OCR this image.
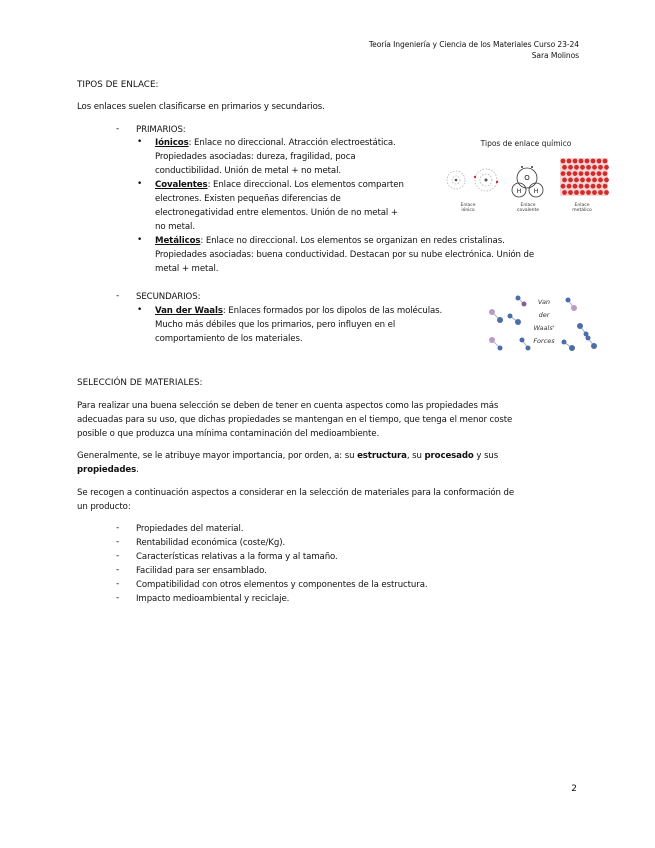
Teoría Ingeniería y Ciencia de los Materiales Curso 23-24
Sara Molinos
TIPOS DE ENLACE:
Los enlaces suelen clasificarse en primarios y secundarios.
- PRIMARIOS:
• Iónicos: Enlace no direccional. Atracción electroestática.
Propiedades asociadas: dureza, fragilidad, poca
conductibilidad. Unión de metal + no metal.
• Covalentes: Enlace direccional. Los elementos comparten
electrones. Existen pequeñas diferencias de
electronegatividad entre elementos. Unión de no metal +
no metal.
• Metálicos: Enlace no direccional. Los elementos se organizan en redes cristalinas.
Propiedades asociadas: buena conductividad. Destacan por su nube electrónica. Unión de
metal + metal.
Tipos de enlace químico
O
H H
Enlace
iónico
Enlace
covalente
Enlace
metálico
- SECUNDARIOS:
• Van der Waals: Enlaces formados por los dipolos de las moléculas.
Mucho más débiles que los primarios, pero influyen en el
comportamiento de los materiales.
Van
der
Waals'
Forces
SELECCIÓN DE MATERIALES:
Para realizar una buena selección se deben de tener en cuenta aspectos como las propiedades más
adecuadas para su uso, que dichas propiedades se mantengan en el tiempo, que tenga el menor coste
posible o que produzca una mínima contaminación del medioambiente.
Generalmente, se le atribuye mayor importancia, por orden, a: su estructura, su procesado y sus
propiedades.
Se recogen a continuación aspectos a considerar en la selección de materiales para la conformación de
un producto:
- Propiedades del material.
- Rentabilidad económica (coste/Kg).
- Características relativas a la forma y al tamaño.
- Facilidad para ser ensamblado.
- Compatibilidad con otros elementos y componentes de la estructura.
- Impacto medioambiental y reciclaje.
2
